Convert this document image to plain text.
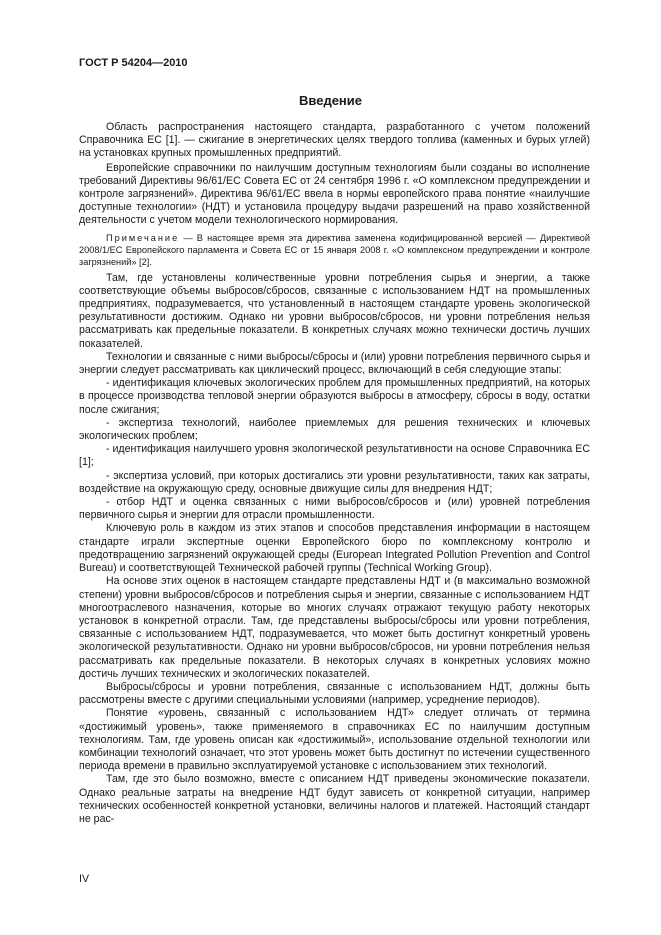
ГОСТ Р 54204—2010
Введение

Область распространения настоящего стандарта, разработанного с учетом положений Справочника ЕС [1]. — сжигание в энергетических целях твердого топлива (каменных и бурых углей) на установках крупных промышленных предприятий.

Европейские справочники по наилучшим доступным технологиям были созданы во исполнение требований Директивы 96/61/ЕС Совета ЕС от 24 сентября 1996 г. «О комплексном предупреждении и контроле загрязнений». Директива 96/61/ЕС ввела в нормы европейского права понятие «наилучшие доступные технологии» (НДТ) и установила процедуру выдачи разрешений на право хозяйственной деятельности с учетом модели технологического нормирования.

Примечание — В настоящее время эта директива заменена кодифицированной версией — Директивой 2008/1/ЕС Европейского парламента и Совета ЕС от 15 января 2008 г. «О комплексном предупреждении и контроле загрязнений» [2].

Там, где установлены количественные уровни потребления сырья и энергии, а также соответствующие объемы выбросов/сбросов, связанные с использованием НДТ на промышленных предприятиях, подразумевается, что установленный в настоящем стандарте уровень экологической результативности достижим. Однако ни уровни выбросов/сбросов, ни уровни потребления нельзя рассматривать как предельные показатели. В конкретных случаях можно технически достичь лучших показателей.

Технологии и связанные с ними выбросы/сбросы и (или) уровни потребления первичного сырья и энергии следует рассматривать как циклический процесс, включающий в себя следующие этапы:

- идентификация ключевых экологических проблем для промышленных предприятий, на которых в процессе производства тепловой энергии образуются выбросы в атмосферу, сбросы в воду, остатки после сжигания;

- экспертиза технологий, наиболее приемлемых для решения технических и ключевых экологических проблем;

- идентификация наилучшего уровня экологической результативности на основе Справочника ЕС [1];

- экспертиза условий, при которых достигались эти уровни результативности, таких как затраты, воздействие на окружающую среду, основные движущие силы для внедрения НДТ;

- отбор НДТ и оценка связанных с ними выбросов/сбросов и (или) уровней потребления первичного сырья и энергии для отрасли промышленности.

Ключевую роль в каждом из этих этапов и способов представления информации в настоящем стандарте играли экспертные оценки Европейского бюро по комплексному контролю и предотвращению загрязнений окружающей среды (European Integrated Pollution Prevention and Control Bureau) и соответствующей Технической рабочей группы (Technical Working Group).

На основе этих оценок в настоящем стандарте представлены НДТ и (в максимально возможной степени) уровни выбросов/сбросов и потребления сырья и энергии, связанные с использованием НДТ многоотраслевого назначения, которые во многих случаях отражают текущую работу некоторых установок в конкретной отрасли. Там, где представлены выбросы/сбросы или уровни потребления, связанные с использованием НДТ, подразумевается, что может быть достигнут конкретный уровень экологической результативности. Однако ни уровни выбросов/сбросов, ни уровни потребления нельзя рассматривать как предельные показатели. В некоторых случаях в конкретных условиях можно достичь лучших технических и экологических показателей.

Выбросы/сбросы и уровни потребления, связанные с использованием НДТ, должны быть рассмотрены вместе с другими специальными условиями (например, усреднение периодов).

Понятие «уровень, связанный с использованием НДТ» следует отличать от термина «достижимый уровень», также применяемого в справочниках ЕС по наилучшим доступным технологиям. Там, где уровень описан как «достижимый», использование отдельной технологии или комбинации технологий означает, что этот уровень может быть достигнут по истечении существенного периода времени в правильно эксплуатируемой установке с использованием этих технологий.

Там, где это было возможно, вместе с описанием НДТ приведены экономические показатели. Однако реальные затраты на внедрение НДТ будут зависеть от конкретной ситуации, например технических особенностей конкретной установки, величины налогов и платежей. Настоящий стандарт не рас-

IV
